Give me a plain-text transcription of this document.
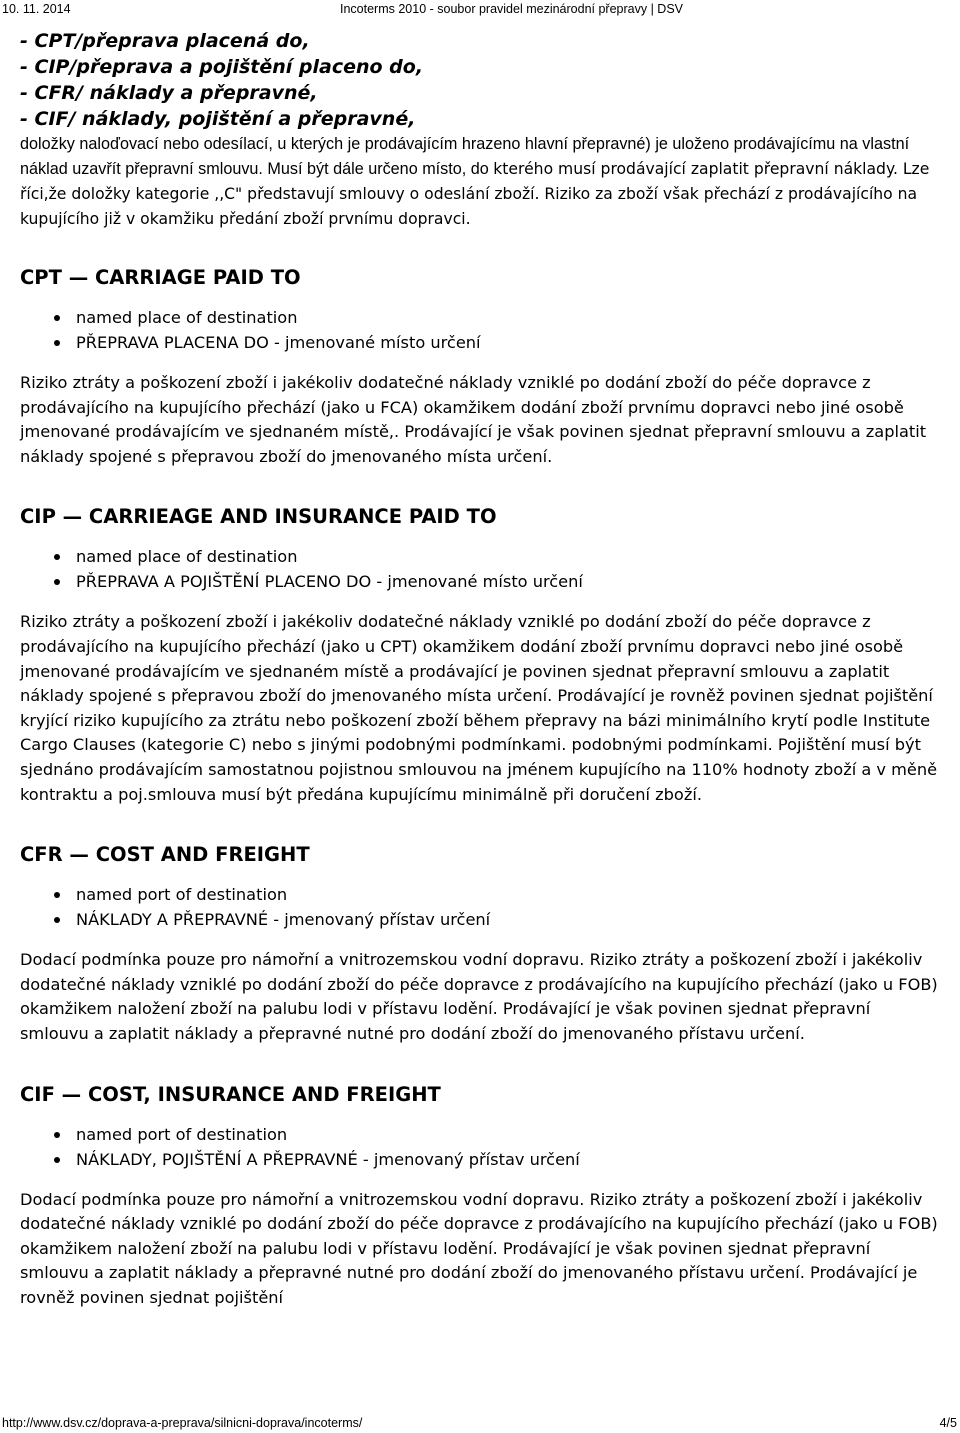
10. 11. 2014	Incoterms 2010 - soubor pravidel mezinárodní přepravy | DSV
- CPT/přeprava placená do,
- CIP/přeprava a pojištění placeno do,
- CFR/ náklady a přepravné,
- CIF/ náklady, pojištění a přepravné,
doložky naloďovací nebo odesílací, u kterých je prodávajícím hrazeno hlavní přepravné) je uloženo prodávajícímu na vlastní náklad uzavřít přepravní smlouvu. Musí být dále určeno místo, do kterého musí prodávající zaplatit přepravní náklady. Lze říci,že doložky kategorie ,,C" představují smlouvy o odeslání zboží. Riziko za zboží však přechází z prodávajícího na kupujícího již v okamžiku předání zboží prvnímu dopravci.
CPT — CARRIAGE PAID TO
named place of destination
PŘEPRAVA PLACENA DO - jmenované místo určení

Riziko ztráty a poškození zboží i jakékoliv dodatečné náklady vzniklé po dodání zboží do péče dopravce z prodávajícího na kupujícího přechází (jako u FCA) okamžikem dodání zboží prvnímu dopravci nebo jiné osobě jmenované prodávajícím ve sjednaném místě,. Prodávající je však povinen sjednat přepravní smlouvu a zaplatit náklady spojené s přepravou zboží do jmenovaného místa určení.

CIP — CARRIEAGE AND INSURANCE PAID TO
named place of destination
PŘEPRAVA A POJIŠTĚNÍ PLACENO DO - jmenované místo určení

Riziko ztráty a poškození zboží i jakékoliv dodatečné náklady vzniklé po dodání zboží do péče dopravce z prodávajícího na kupujícího přechází (jako u CPT) okamžikem dodání zboží prvnímu dopravci nebo jiné osobě jmenované prodávajícím ve sjednaném místě a prodávající je povinen sjednat přepravní smlouvu a zaplatit náklady spojené s přepravou zboží do jmenovaného místa určení. Prodávající je rovněž povinen sjednat pojištění kryjící riziko kupujícího za ztrátu nebo poškození zboží během přepravy na bázi minimálního krytí podle Institute Cargo Clauses (kategorie C) nebo s jinými podobnými podmínkami. podobnými podmínkami. Pojištění musí být sjednáno prodávajícím samostatnou pojistnou smlouvou na jménem kupujícího na 110% hodnoty zboží a v měně kontraktu a poj.smlouva musí být předána kupujícímu minimálně při doručení zboží.

CFR — COST AND FREIGHT
named port of destination
NÁKLADY A PŘEPRAVNÉ - jmenovaný přístav určení

Dodací podmínka pouze pro námořní a vnitrozemskou vodní dopravu. Riziko ztráty a poškození zboží i jakékoliv dodatečné náklady vzniklé po dodání zboží do péče dopravce z prodávajícího na kupujícího přechází (jako u FOB) okamžikem naložení zboží na palubu lodi v přístavu lodění. Prodávající je však povinen sjednat přepravní smlouvu a zaplatit náklady a přepravné nutné pro dodání zboží do jmenovaného přístavu určení.

CIF — COST, INSURANCE AND FREIGHT
named port of destination
NÁKLADY, POJIŠTĚNÍ A PŘEPRAVNÉ - jmenovaný přístav určení

Dodací podmínka pouze pro námořní a vnitrozemskou vodní dopravu. Riziko ztráty a poškození zboží i jakékoliv dodatečné náklady vzniklé po dodání zboží do péče dopravce z prodávajícího na kupujícího přechází (jako u FOB) okamžikem naložení zboží na palubu lodi v přístavu lodění. Prodávající je však povinen sjednat přepravní smlouvu a zaplatit náklady a přepravné nutné pro dodání zboží do jmenovaného přístavu určení. Prodávající je rovněž povinen sjednat pojištění

http://www.dsv.cz/doprava-a-preprava/silnicni-doprava/incoterms/	4/5
